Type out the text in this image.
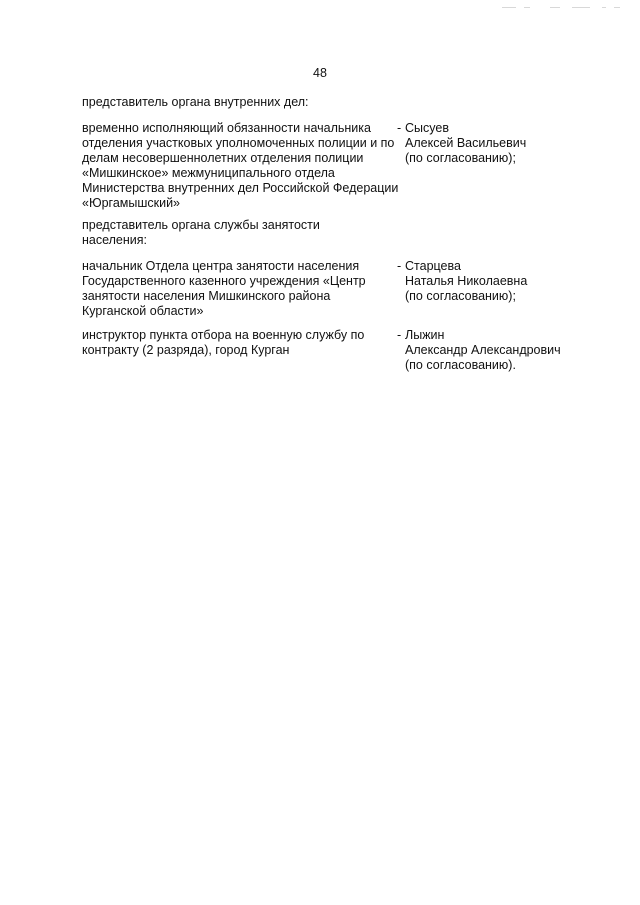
48
представитель органа внутренних дел:
временно исполняющий обязанности начальника отделения участковых уполномоченных полиции и по делам несовершеннолетних отделения полиции «Мишкинское» межмуниципального отдела Министерства внутренних дел Российской Федерации «Юргамышский»
- Сысуев
Алексей Васильевич
(по согласованию);
представитель органа службы занятости населения:
начальник Отдела центра занятости населения Государственного казенного учреждения «Центр занятости населения Мишкинского района Курганской области»
- Старцева
Наталья Николаевна
(по согласованию);
инструктор пункта отбора на военную службу по контракту (2 разряда), город Курган
- Лыжин
Александр Александрович
(по согласованию).
